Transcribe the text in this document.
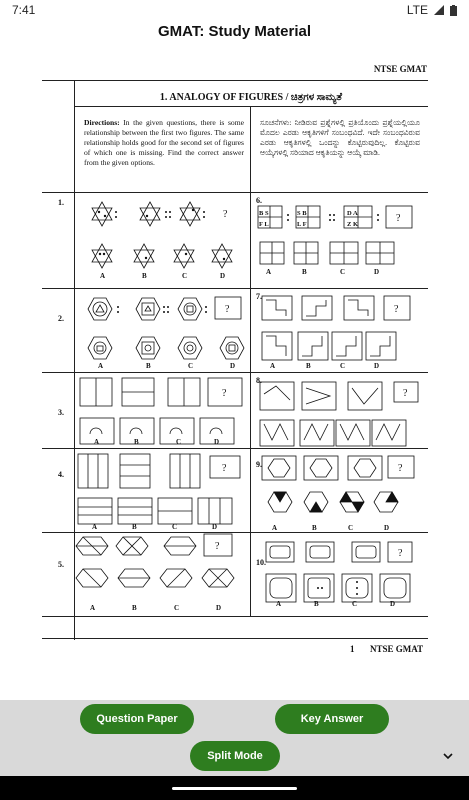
7:41	LTE
GMAT: Study Material
NTSE GMAT
1. ANALOGY OF FIGURES / ಚಿತ್ರಗಳ ಸಾಮ್ಯತೆ
Directions: In the given questions, there is some relationship between the first two figures. The same relationship holds good for the second set of figures of which one is missing. Find the correct answer from the given options.
ಸೂಚನೆಗಳು: ನೀಡಿರುವ ಪ್ರಶ್ನೆಗಳಲ್ಲಿ ಪ್ರತಿಯೊಂದು ಪ್ರಶ್ನೆಯಲ್ಲಿಯೂ ಮೊದಲ ಎರಡು ಆಕೃತಿಗಳಿಗೆ ಸಂಬಂಧವಿದೆ. ಇದೇ ಸಂಬಂಧವಿರುವ ಎರಡು ಆಕೃತಿಗಳಲ್ಲಿ ಒಂದನ್ನು ಕೊಟ್ಟಿರುವುದಿಲ್ಲ. ಕೊಟ್ಟಿರುವ ಆಯ್ಕೆಗಳಲ್ಲಿ ಸರಿಯಾದ ಆಕೃತಿಯನ್ನು ಆಯ್ಕೆ ಮಾಡಿ.
1.
2.
3.
4.
5.
6.
7.
8.
9.
10.
B S
F L
S B
L F
D A
Z K
?
?
?
?
?
?
?
?
?
?
A	B	C	D
A	B	C	D
A	B	C	D
A	B	C	D
A	B	C	D
A	B	C	D
A	B	C	D
A	B	C	D
A	B	C	D
1 NTSE GMAT
Question Paper	Key Answer
Split Mode
